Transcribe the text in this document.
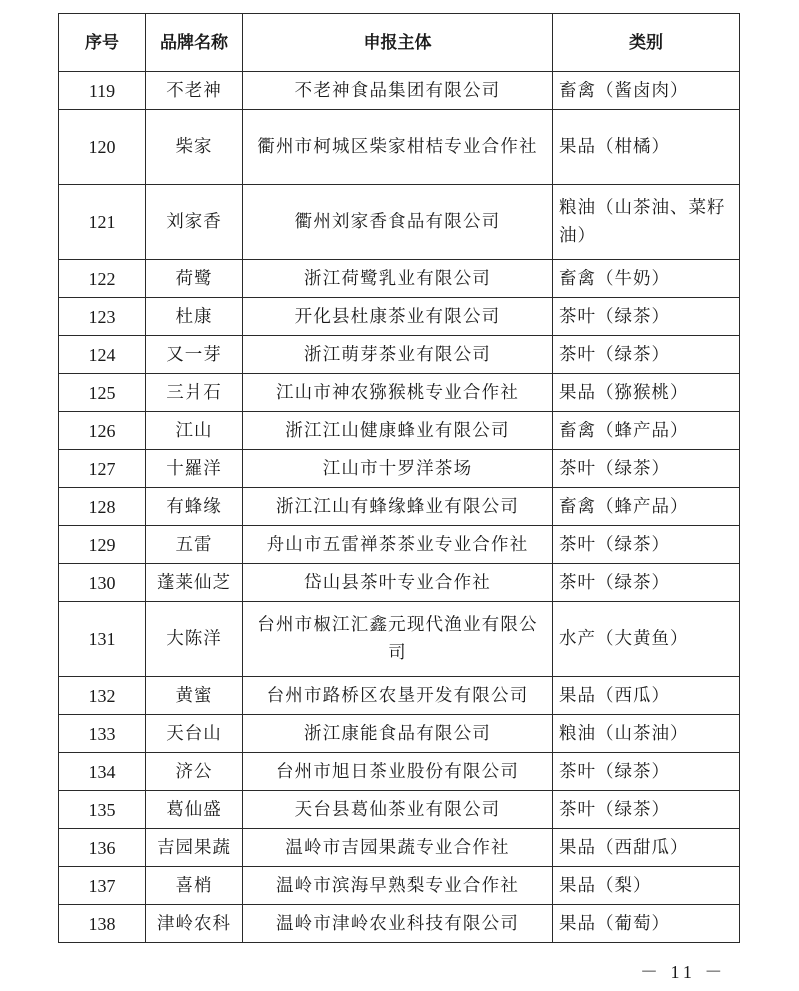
序号	品牌名称	申报主体	类别
119	不老神	不老神食品集团有限公司	畜禽（酱卤肉）
120	柴家	衢州市柯城区柴家柑桔专业合作社	果品（柑橘）
121	刘家香	衢州刘家香食品有限公司	粮油（山茶油、菜籽油）
122	荷鹭	浙江荷鹭乳业有限公司	畜禽（牛奶）
123	杜康	开化县杜康茶业有限公司	茶叶（绿茶）
124	又一芽	浙江萌芽茶业有限公司	茶叶（绿茶）
125	三爿石	江山市神农猕猴桃专业合作社	果品（猕猴桃）
126	江山	浙江江山健康蜂业有限公司	畜禽（蜂产品）
127	十羅洋	江山市十罗洋茶场	茶叶（绿茶）
128	有蜂缘	浙江江山有蜂缘蜂业有限公司	畜禽（蜂产品）
129	五雷	舟山市五雷禅茶茶业专业合作社	茶叶（绿茶）
130	蓬莱仙芝	岱山县茶叶专业合作社	茶叶（绿茶）
131	大陈洋	台州市椒江汇鑫元现代渔业有限公司	水产（大黄鱼）
132	黄蜜	台州市路桥区农垦开发有限公司	果品（西瓜）
133	天台山	浙江康能食品有限公司	粮油（山茶油）
134	济公	台州市旭日茶业股份有限公司	茶叶（绿茶）
135	葛仙盛	天台县葛仙茶业有限公司	茶叶（绿茶）
136	吉园果蔬	温岭市吉园果蔬专业合作社	果品（西甜瓜）
137	喜梢	温岭市滨海早熟梨专业合作社	果品（梨）
138	津岭农科	温岭市津岭农业科技有限公司	果品（葡萄）
－ 11 －
